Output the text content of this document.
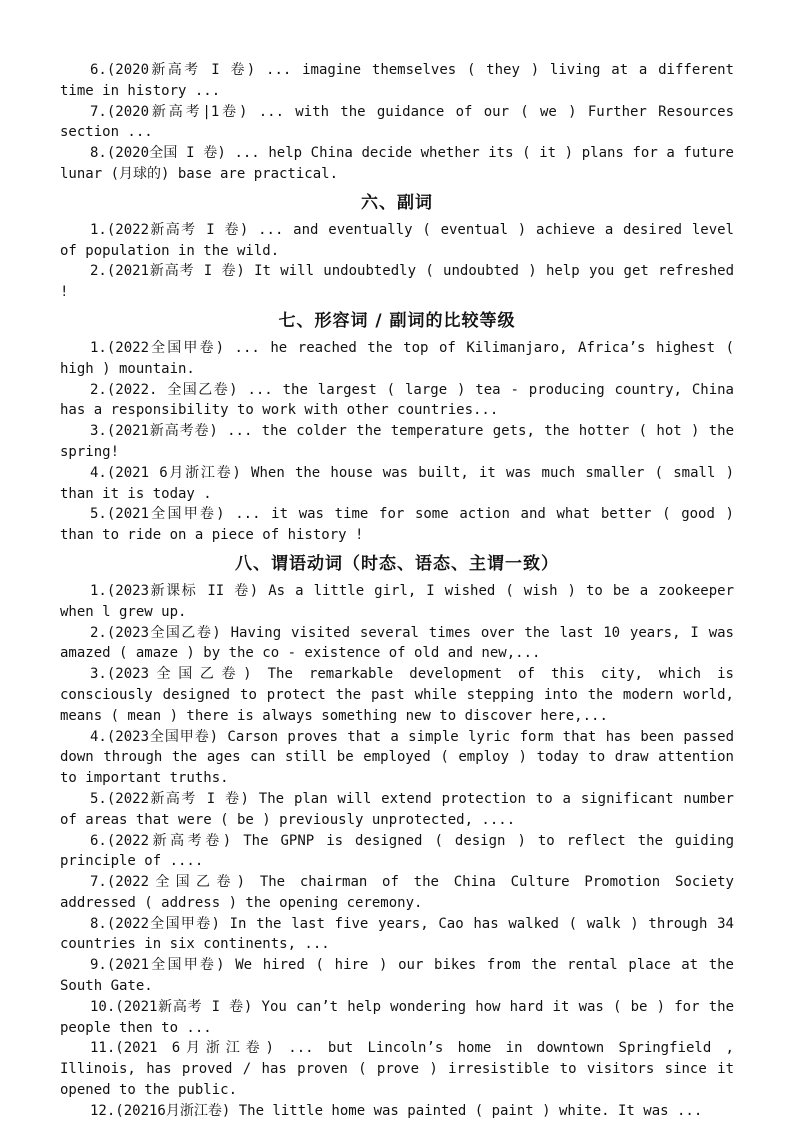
6.(2020新高考 I 卷) ... imagine themselves ( they ) living at a different time in history ...

7.(2020新高考|1卷) ... with the guidance of our ( we ) Further Resources section ...

8.(2020全国 I 卷) ... help China decide whether its ( it ) plans for a future lunar (月球的) base are practical.

六、副词

1.(2022新高考 I 卷) ... and eventually ( eventual ) achieve a desired level of population in the wild.

2.(2021新高考 I 卷) It will undoubtedly ( undoubted ) help you get refreshed !

七、形容词 / 副词的比较等级

1.(2022全国甲卷) ... he reached the top of Kilimanjaro, Africa’s highest ( high ) mountain.

2.(2022. 全国乙卷) ... the largest ( large ) tea - producing country, China has a responsibility to work with other countries...

3.(2021新高考卷) ... the colder the temperature gets, the hotter ( hot ) the spring!

4.(2021 6月浙江卷) When the house was built, it was much smaller ( small ) than it is today .

5.(2021全国甲卷) ... it was time for some action and what better ( good ) than to ride on a piece of history !

八、谓语动词（时态、语态、主谓一致）

1.(2023新课标 II 卷) As a little girl, I wished ( wish ) to be a zookeeper when l grew up.

2.(2023全国乙卷) Having visited several times over the last 10 years, I was amazed ( amaze ) by the co - existence of old and new,...

3.(2023全国乙卷) The remarkable development of this city, which is consciously designed to protect the past while stepping into the modern world, means ( mean ) there is always something new to discover here,...

4.(2023全国甲卷) Carson proves that a simple lyric form that has been passed down through the ages can still be employed ( employ ) today to draw attention to important truths.

5.(2022新高考 I 卷) The plan will extend protection to a significant number of areas that were ( be ) previously unprotected, ....

6.(2022新高考卷) The GPNP is designed ( design ) to reflect the guiding principle of ....

7.(2022全国乙卷) The chairman of the China Culture Promotion Society addressed ( address ) the opening ceremony.

8.(2022全国甲卷) In the last five years, Cao has walked ( walk ) through 34 countries in six continents, ...

9.(2021全国甲卷) We hired ( hire ) our bikes from the rental place at the South Gate.

10.(2021新高考 I 卷) You can’t help wondering how hard it was ( be ) for the people then to ...

11.(2021 6月浙江卷) ... but Lincoln’s home in downtown Springfield , Illinois, has proved / has proven ( prove ) irresistible to visitors since it opened to the public.

12.(20216月浙江卷) The little home was painted ( paint ) white. It was ...
